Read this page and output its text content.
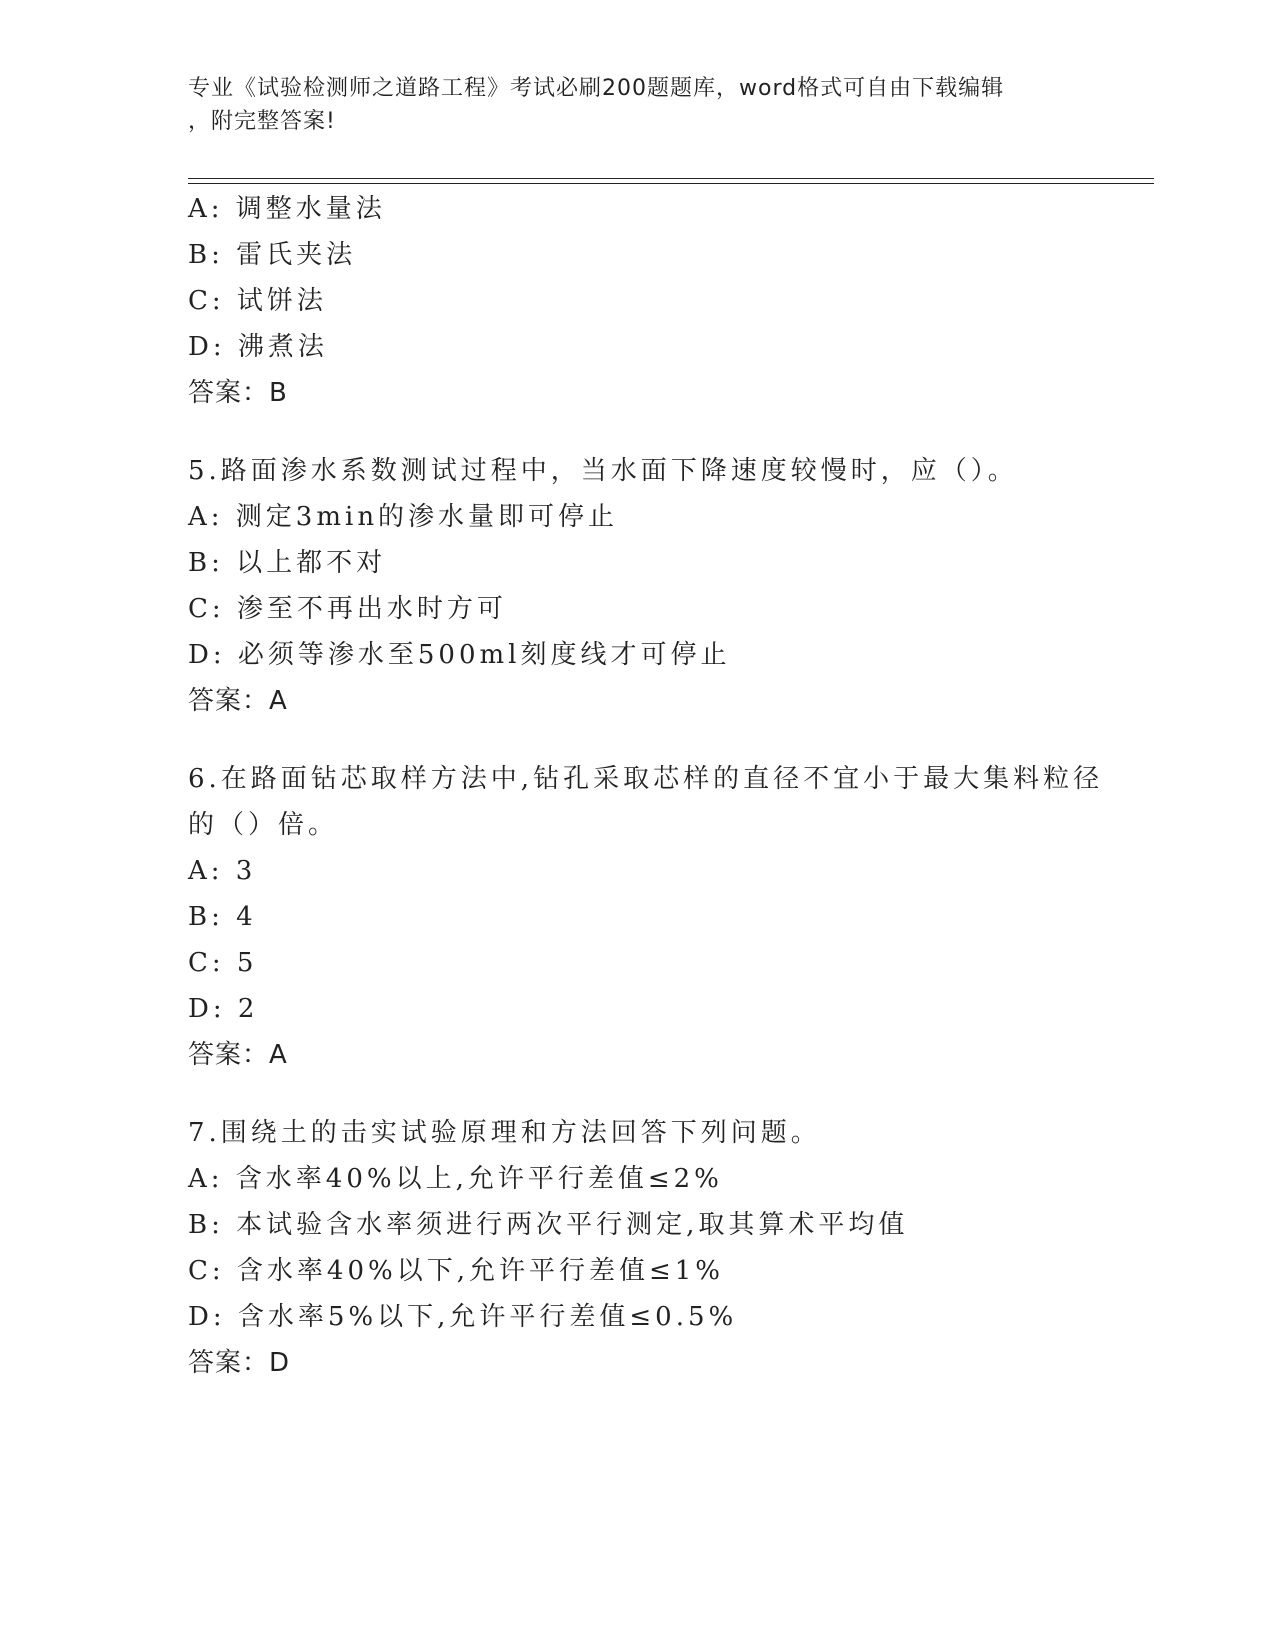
专业《试验检测师之道路工程》考试必刷200题题库，word格式可自由下载编辑
，附完整答案!
A: 调整水量法
B: 雷氏夹法
C: 试饼法
D: 沸煮法
答案：B
5.路面渗水系数测试过程中，当水面下降速度较慢时，应（）。
A: 测定3min的渗水量即可停止
B: 以上都不对
C: 渗至不再出水时方可
D: 必须等渗水至500ml刻度线才可停止
答案：A
6.在路面钻芯取样方法中,钻孔采取芯样的直径不宜小于最大集料粒径
的（）倍。
A: 3
B: 4
C: 5
D: 2
答案：A
7.围绕土的击实试验原理和方法回答下列问题。
A: 含水率40%以上,允许平行差值≤2%
B: 本试验含水率须进行两次平行测定,取其算术平均值
C: 含水率40%以下,允许平行差值≤1%
D: 含水率5%以下,允许平行差值≤0.5%
答案：D
